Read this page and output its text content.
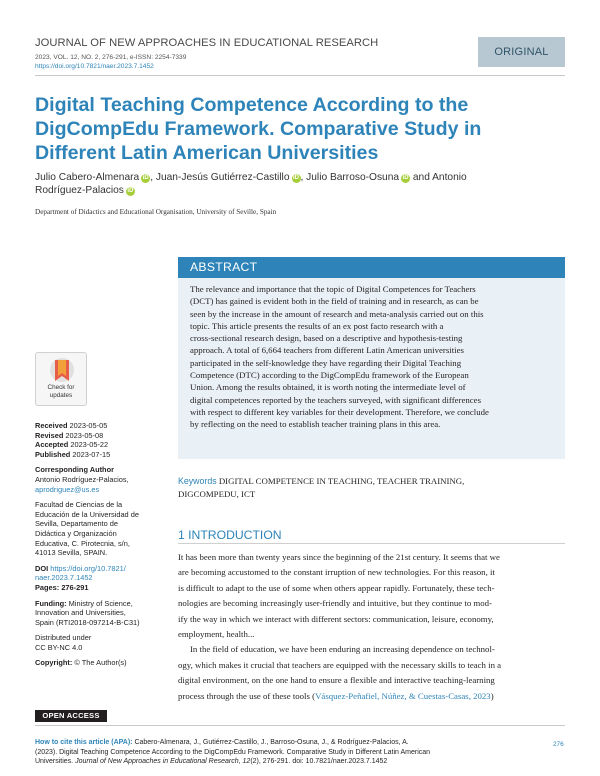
JOURNAL OF NEW APPROACHES IN EDUCATIONAL RESEARCH
2023, VOL. 12, NO. 2, 276-291, e-ISSN: 2254-7339
https://doi.org/10.7821/naer.2023.7.1452
ORIGINAL
Digital Teaching Competence According to the
DigCompEdu Framework. Comparative Study in
Different Latin American Universities
Julio Cabero-Almenara iD , Juan-Jesús Gutiérrez-Castillo iD , Julio Barroso-Osuna iD and Antonio
Rodríguez-Palacios iD
Department of Didactics and Educational Organisation, University of Seville, Spain
ABSTRACT
The relevance and importance that the topic of Digital Competences for Teachers
(DCT) has gained is evident both in the field of training and in research, as can be
seen by the increase in the amount of research and meta-analysis carried out on this
topic. This article presents the results of an ex post facto research with a
cross-sectional research design, based on a descriptive and hypothesis-testing
approach. A total of 6,664 teachers from different Latin American universities
participated in the self-knowledge they have regarding their Digital Teaching
Competence (DTC) according to the DigCompEdu framework of the European
Union. Among the results obtained, it is worth noting the intermediate level of
digital competences reported by the teachers surveyed, with significant differences
with respect to different key variables for their development. Therefore, we conclude
by reflecting on the need to establish teacher training plans in this area.
Check for
updates
Received 2023-05-05
Revised 2023-05-08
Accepted 2023-05-22
Published 2023-07-15
Corresponding Author
Antonio Rodríguez-Palacios,
aprodriguez@us.es
Facultad de Ciencias de la
Educación de la Universidad de
Sevilla, Departamento de
Didáctica y Organización
Educativa, C. Pirotecnia, s/n,
41013 Sevilla, SPAIN.
DOI https://doi.org/10.7821/
naer.2023.7.1452
Pages: 276-291
Funding: Ministry of Science,
Innovation and Universities,
Spain (RTI2018-097214-B-C31)
Distributed under
CC BY-NC 4.0
Copyright: © The Author(s)
Keywords DIGITAL COMPETENCE IN TEACHING, TEACHER TRAINING,
DIGCOMPEDU, ICT
1 INTRODUCTION
It has been more than twenty years since the beginning of the 21st century. It seems that we
are becoming accustomed to the constant irruption of new technologies. For this reason, it
is difficult to adapt to the use of some when others appear rapidly. Fortunately, these tech-
nologies are becoming increasingly user-friendly and intuitive, but they continue to mod-
ify the way in which we interact with different sectors: communication, leisure, economy,
employment, health...
In the field of education, we have been enduring an increasing dependence on technol-
ogy, which makes it crucial that teachers are equipped with the necessary skills to teach in a
digital environment, on the one hand to ensure a flexible and interactive teaching-learning
process through the use of these tools (Vásquez-Peñafiel, Núñez, & Cuestas-Casas, 2023)
OPEN ACCESS
How to cite this article (APA): Cabero-Almenara, J., Gutiérrez-Castillo, J., Barroso-Osuna, J., & Rodríguez-Palacios, A.
(2023). Digital Teaching Competence According to the DigCompEdu Framework. Comparative Study in Different Latin American
Universities. Journal of New Approaches in Educational Research, 12(2), 276-291. doi: 10.7821/naer.2023.7.1452
276
